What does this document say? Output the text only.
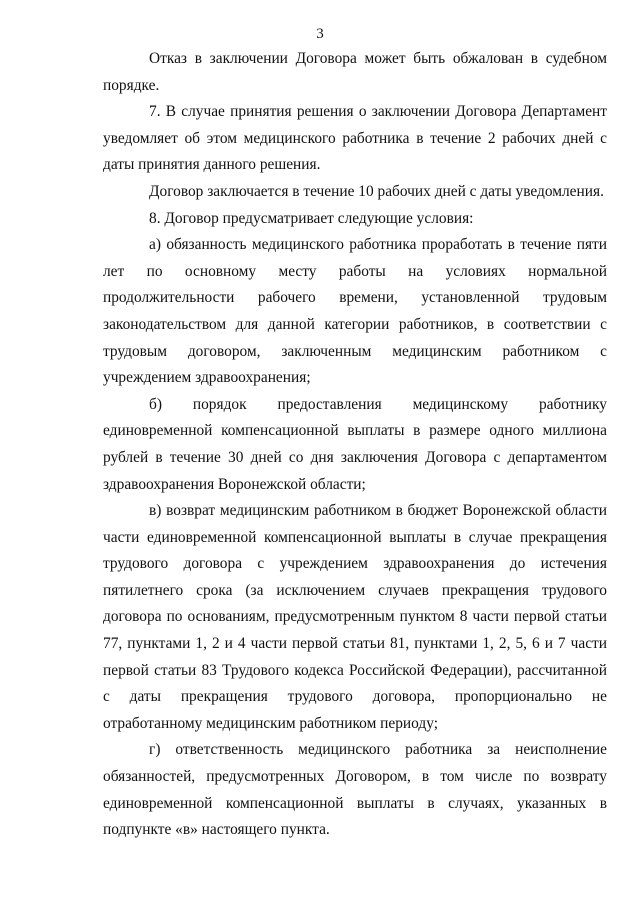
3

Отказ в заключении Договора может быть обжалован в судебном порядке.

7. В случае принятия решения о заключении Договора Департамент уведомляет об этом медицинского работника в течение 2 рабочих дней с даты принятия данного решения.

Договор заключается в течение 10 рабочих дней с даты уведомления.

8. Договор предусматривает следующие условия:

а) обязанность медицинского работника проработать в течение пяти лет по основному месту работы на условиях нормальной продолжительности рабочего времени, установленной трудовым законодательством для данной категории работников, в соответствии с трудовым договором, заключенным медицинским работником с учреждением здравоохранения;

б) порядок предоставления медицинскому работнику единовременной компенсационной выплаты в размере одного миллиона рублей в течение 30 дней со дня заключения Договора с департаментом здравоохранения Воронежской области;

в) возврат медицинским работником в бюджет Воронежской области части единовременной компенсационной выплаты в случае прекращения трудового договора с учреждением здравоохранения до истечения пятилетнего срока (за исключением случаев прекращения трудового договора по основаниям, предусмотренным пунктом 8 части первой статьи 77, пунктами 1, 2 и 4 части первой статьи 81, пунктами 1, 2, 5, 6 и 7 части первой статьи 83 Трудового кодекса Российской Федерации), рассчитанной с даты прекращения трудового договора, пропорционально не отработанному медицинским работником периоду;

г) ответственность медицинского работника за неисполнение обязанностей, предусмотренных Договором, в том числе по возврату единовременной компенсационной выплаты в случаях, указанных в подпункте «в» настоящего пункта.
